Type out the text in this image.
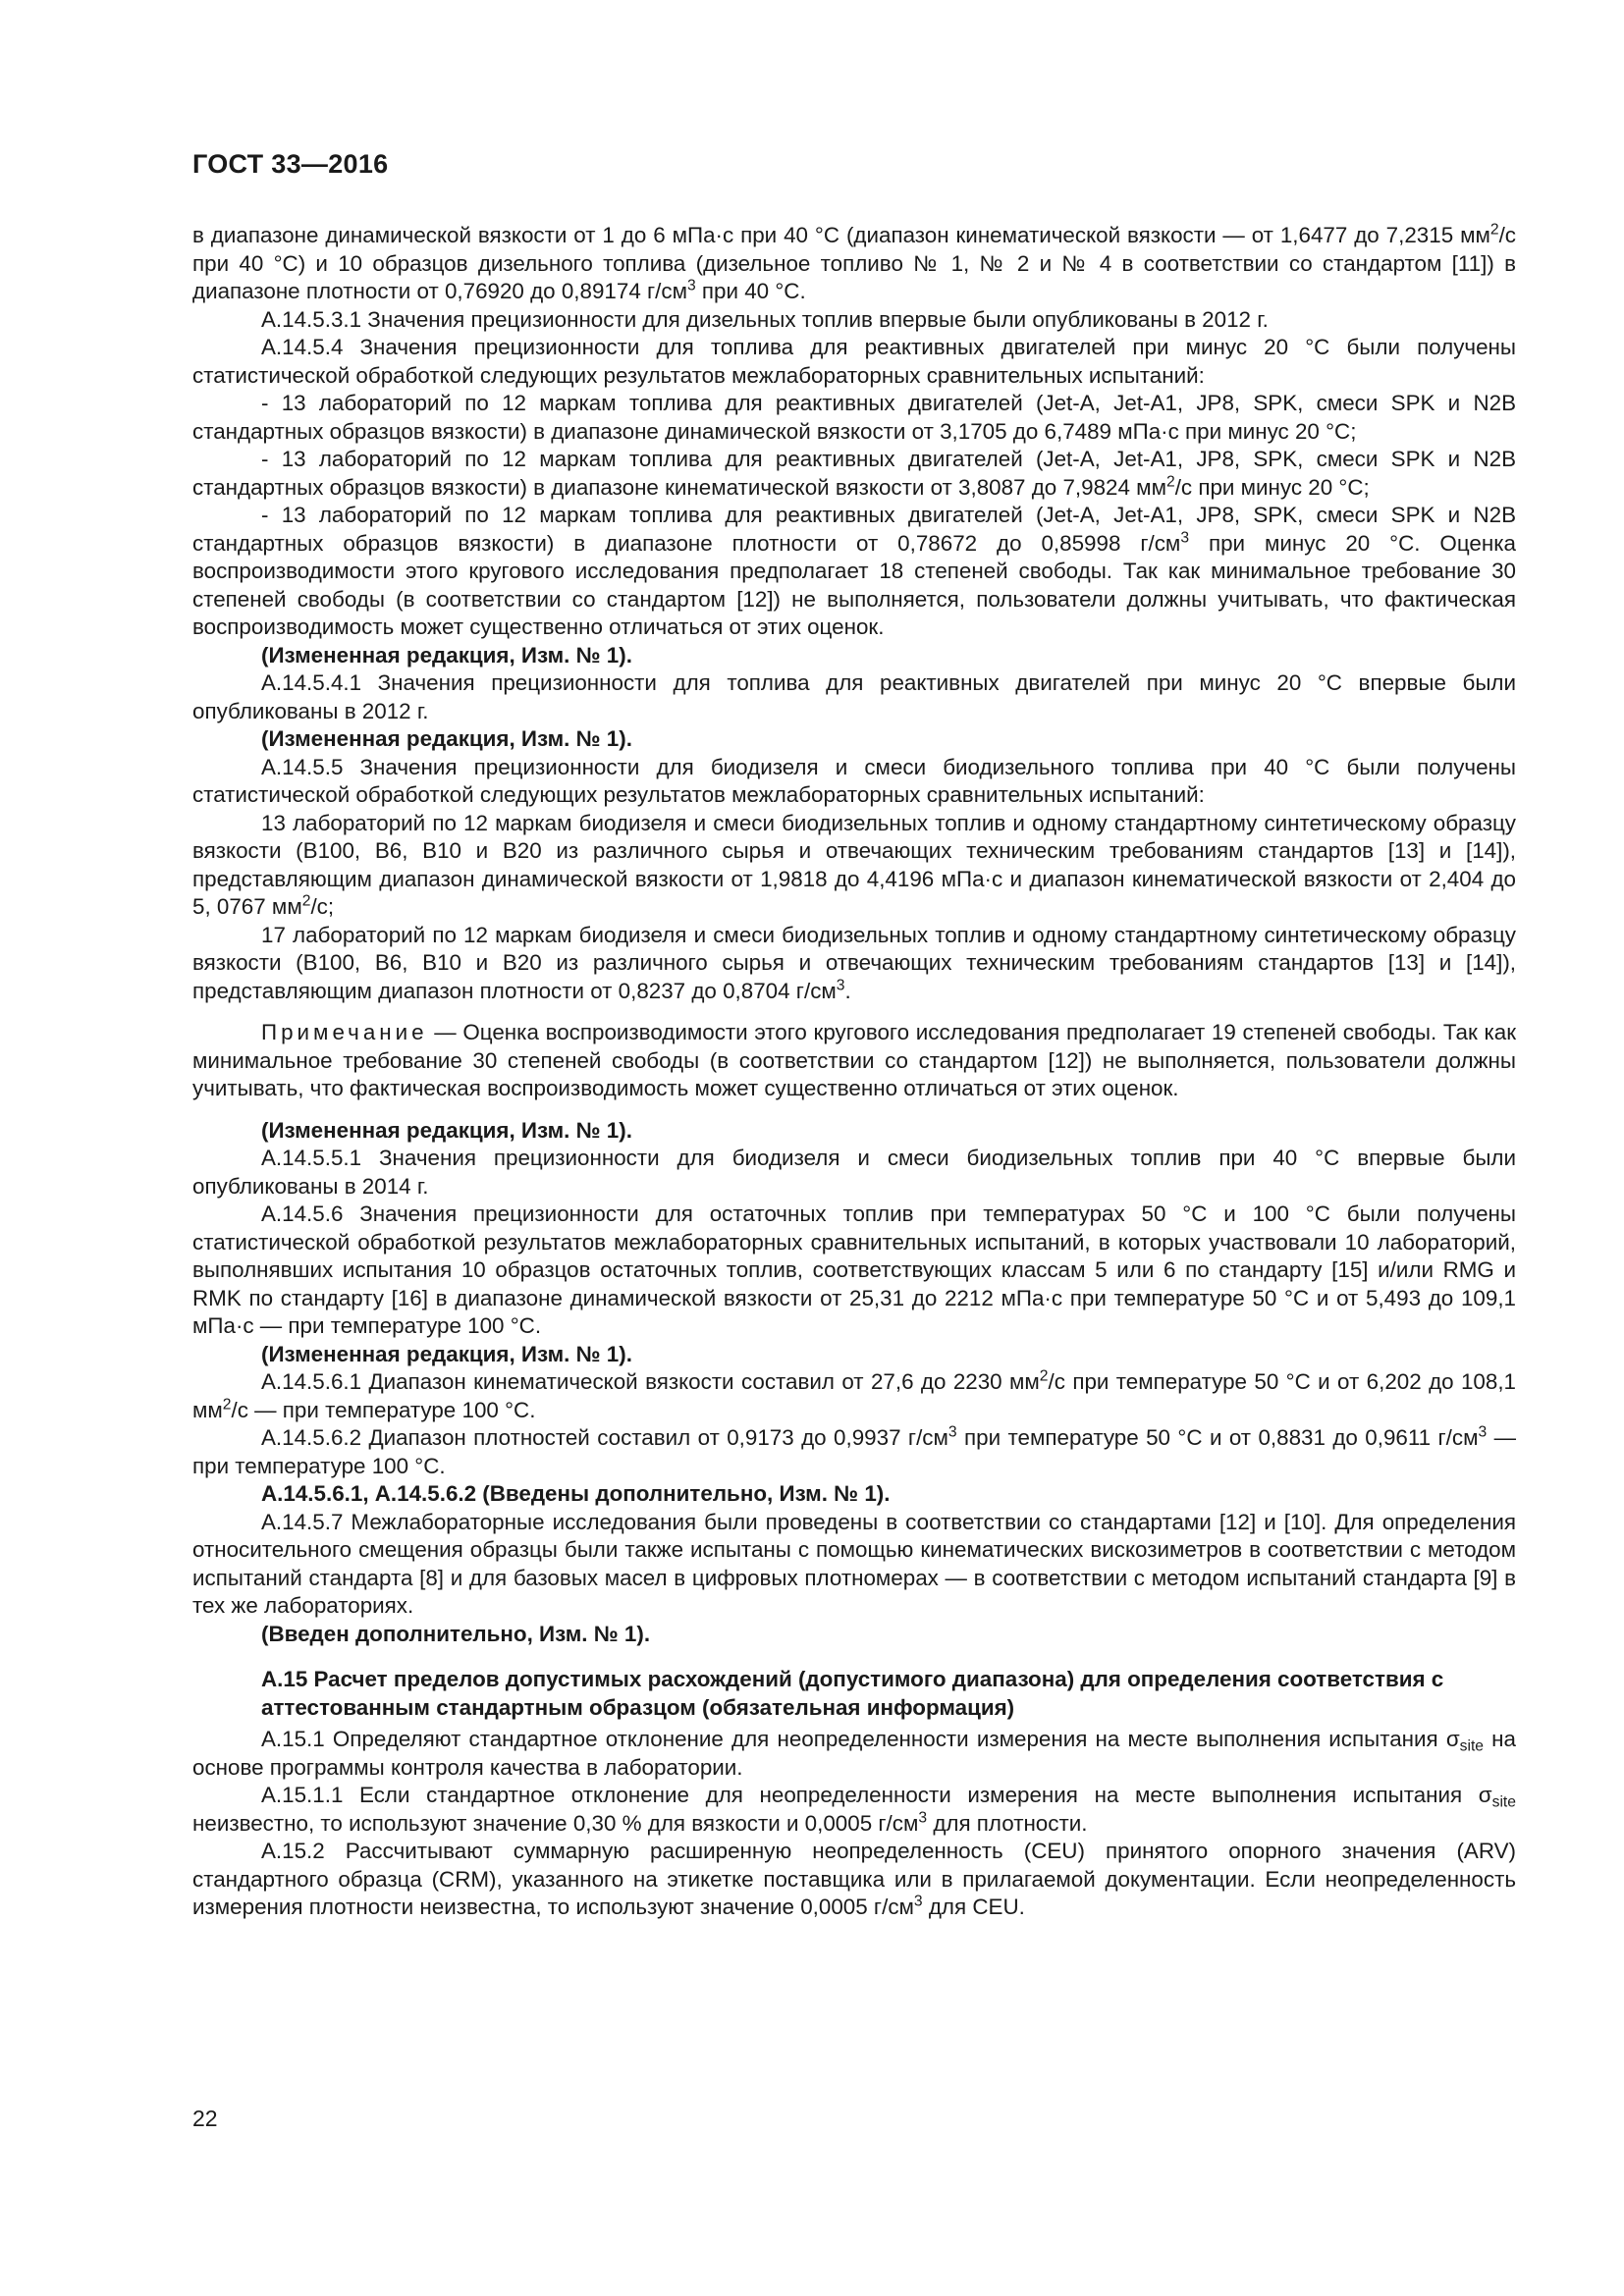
ГОСТ 33—2016

в диапазоне динамической вязкости от 1 до 6 мПа·с при 40 °С (диапазон кинематической вязкости — от 1,6477 до 7,2315 $мм^2/с$ при 40 °С) и 10 образцов дизельного топлива (дизельное топливо № 1, № 2 и № 4 в соответствии со стандартом [11]) в диапазоне плотности от 0,76920 до 0,89174 $г/см^3$ при 40 °С.

А.14.5.3.1 Значения прецизионности для дизельных топлив впервые были опубликованы в 2012 г.

А.14.5.4 Значения прецизионности для топлива для реактивных двигателей при минус 20 °С были получены статистической обработкой следующих результатов межлабораторных сравнительных испытаний:

- 13 лабораторий по 12 маркам топлива для реактивных двигателей (Jet-A, Jet-A1, JP8, SPK, смеси SPK и N2B стандартных образцов вязкости) в диапазоне динамической вязкости от 3,1705 до 6,7489 мПа·с при минус 20 °С;

- 13 лабораторий по 12 маркам топлива для реактивных двигателей (Jet-A, Jet-A1, JP8, SPK, смеси SPK и N2B стандартных образцов вязкости) в диапазоне кинематической вязкости от 3,8087 до 7,9824 $мм^2/с$ при минус 20 °С;

- 13 лабораторий по 12 маркам топлива для реактивных двигателей (Jet-A, Jet-A1, JP8, SPK, смеси SPK и N2B стандартных образцов вязкости) в диапазоне плотности от 0,78672 до 0,85998 $г/см^3$ при минус 20 °С. Оценка воспроизводимости этого кругового исследования предполагает 18 степеней свободы. Так как минимальное требование 30 степеней свободы (в соответствии со стандартом [12]) не выполняется, пользователи должны учитывать, что фактическая воспроизводимость может существенно отличаться от этих оценок.

(Измененная редакция, Изм. № 1).

А.14.5.4.1 Значения прецизионности для топлива для реактивных двигателей при минус 20 °С впервые были опубликованы в 2012 г.

(Измененная редакция, Изм. № 1).

А.14.5.5 Значения прецизионности для биодизеля и смеси биодизельного топлива при 40 °С были получены статистической обработкой следующих результатов межлабораторных сравнительных испытаний:

13 лабораторий по 12 маркам биодизеля и смеси биодизельных топлив и одному стандартному синтетическому образцу вязкости (В100, В6, В10 и В20 из различного сырья и отвечающих техническим требованиям стандартов [13] и [14]), представляющим диапазон динамической вязкости от 1,9818 до 4,4196 мПа·с и диапазон кинематической вязкости от 2,404 до 5, 0767 $мм^2/с$;

17 лабораторий по 12 маркам биодизеля и смеси биодизельных топлив и одному стандартному синтетическому образцу вязкости (В100, В6, В10 и В20 из различного сырья и отвечающих техническим требованиям стандартов [13] и [14]), представляющим диапазон плотности от 0,8237 до 0,8704 $г/см^3$.

Примечание — Оценка воспроизводимости этого кругового исследования предполагает 19 степеней свободы. Так как минимальное требование 30 степеней свободы (в соответствии со стандартом [12]) не выполняется, пользователи должны учитывать, что фактическая воспроизводимость может существенно отличаться от этих оценок.

(Измененная редакция, Изм. № 1).

А.14.5.5.1 Значения прецизионности для биодизеля и смеси биодизельных топлив при 40 °С впервые были опубликованы в 2014 г.

А.14.5.6 Значения прецизионности для остаточных топлив при температурах 50 °С и 100 °С были получены статистической обработкой результатов межлабораторных сравнительных испытаний, в которых участвовали 10 лабораторий, выполнявших испытания 10 образцов остаточных топлив, соответствующих классам 5 или 6 по стандарту [15] и/или RMG и RMK по стандарту [16] в диапазоне динамической вязкости от 25,31 до 2212 мПа·с при температуре 50 °С и от 5,493 до 109,1 мПа·с — при температуре 100 °С.

(Измененная редакция, Изм. № 1).

А.14.5.6.1 Диапазон кинематической вязкости составил от 27,6 до 2230 $мм^2/с$ при температуре 50 °С и от 6,202 до 108,1 $мм^2/с$ — при температуре 100 °С.

А.14.5.6.2 Диапазон плотностей составил от 0,9173 до 0,9937 $г/см^3$ при температуре 50 °С и от 0,8831 до 0,9611 $г/см^3$ — при температуре 100 °С.

А.14.5.6.1, А.14.5.6.2 (Введены дополнительно, Изм. № 1).

А.14.5.7 Межлабораторные исследования были проведены в соответствии со стандартами [12] и [10]. Для определения относительного смещения образцы были также испытаны с помощью кинематических вискозиметров в соответствии с методом испытаний стандарта [8] и для базовых масел в цифровых плотномерах — в соответствии с методом испытаний стандарта [9] в тех же лабораториях.

(Введен дополнительно, Изм. № 1).

А.15 Расчет пределов допустимых расхождений (допустимого диапазона) для определения соответствия с аттестованным стандартным образцом (обязательная информация)

А.15.1 Определяют стандартное отклонение для неопределенности измерения на месте выполнения испытания $\sigma_{site}$ на основе программы контроля качества в лаборатории.

А.15.1.1 Если стандартное отклонение для неопределенности измерения на месте выполнения испытания $\sigma_{site}$ неизвестно, то используют значение 0,30 % для вязкости и 0,0005 $г/см^3$ для плотности.

А.15.2 Рассчитывают суммарную расширенную неопределенность (CEU) принятого опорного значения (ARV) стандартного образца (CRM), указанного на этикетке поставщика или в прилагаемой документации. Если неопределенность измерения плотности неизвестна, то используют значение 0,0005 $г/см^3$ для CEU.

22
